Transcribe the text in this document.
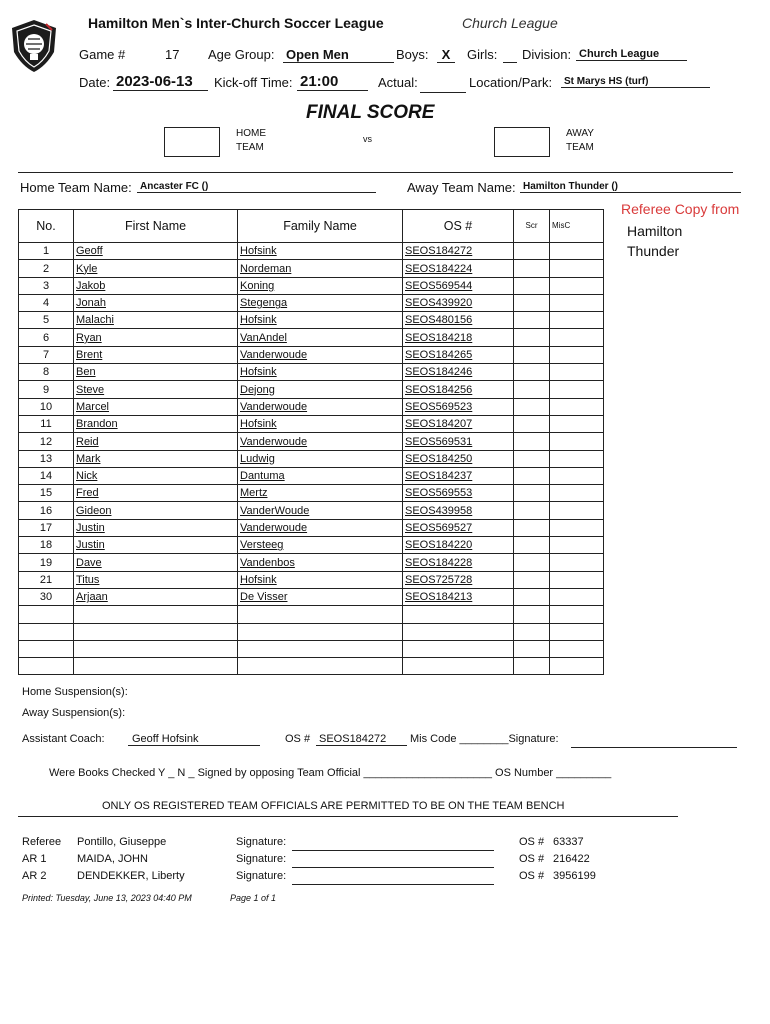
Hamilton Men`s Inter-Church Soccer League	Church League
Game #	17 Age Group: Open Men	Boys:	X	Girls: Division: Church League
Date: 2023-06-13	Kick-off Time: 21:00	Actual:	Location/Park:	St Marys HS (turf)
FINAL SCORE
HOME
TEAM
vs	AWAY
TEAM
Home Team Name: Ancaster FC ()	Away Team Name: Hamilton Thunder ()
Referee Copy from
Hamilton
Thunder
No.	First Name	Family Name	OS #	Scr	MisC
1	Geoff	Hofsink	SEOS184272		
2	Kyle	Nordeman	SEOS184224		
3	Jakob	Koning	SEOS569544		
4	Jonah	Stegenga	SEOS439920		
5	Malachi	Hofsink	SEOS480156		
6	Ryan	VanAndel	SEOS184218		
7	Brent	Vanderwoude	SEOS184265		
8	Ben	Hofsink	SEOS184246		
9	Steve	Dejong	SEOS184256		
10	Marcel	Vanderwoude	SEOS569523		
11	Brandon	Hofsink	SEOS184207		
12	Reid	Vanderwoude	SEOS569531		
13	Mark	Ludwig	SEOS184250		
14	Nick	Dantuma	SEOS184237		
15	Fred	Mertz	SEOS569553		
16	Gideon	VanderWoude	SEOS439958		
17	Justin	Vanderwoude	SEOS569527		
18	Justin	Versteeg	SEOS184220		
19	Dave	Vandenbos	SEOS184228		
21	Titus	Hofsink	SEOS725728		
30	Arjaan	De Visser	SEOS184213		

Home Suspension(s):
Away Suspension(s):
Assistant Coach:	Geoff Hofsink	OS # SEOS184272	Mis Code ________Signature:
Were Books Checked Y _ N _ Signed by opposing Team Official _____________________ OS Number _________
ONLY OS REGISTERED TEAM OFFICIALS ARE PERMITTED TO BE ON THE TEAM BENCH
Referee Pontillo, Giuseppe	Signature:	OS # 63337
AR 1	MAIDA, JOHN	Signature:	OS # 216422
AR 2	DENDEKKER, Liberty	Signature:	OS # 3956199
Printed: Tuesday, June 13, 2023 04:40 PM	Page 1 of 1
